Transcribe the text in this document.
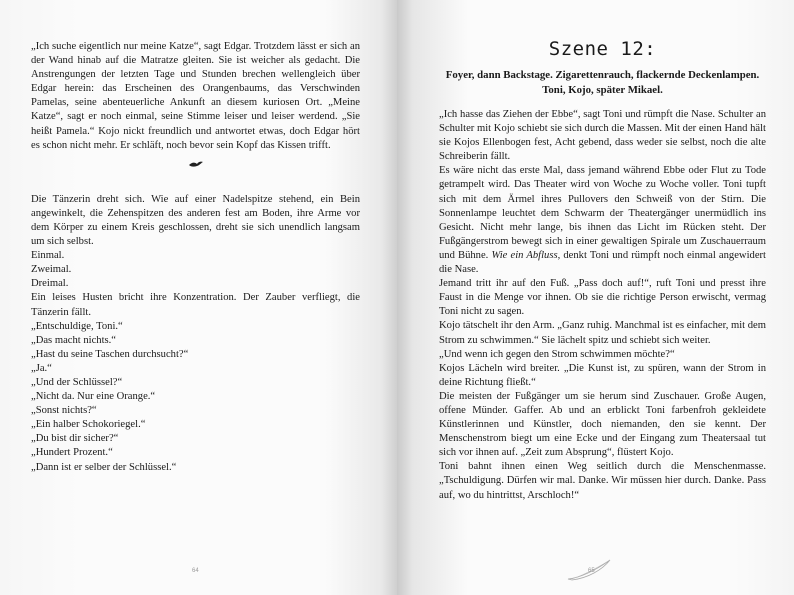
„Ich suche eigentlich nur meine Katze“, sagt Edgar. Trotzdem lässt er sich an der Wand hinab auf die Matratze gleiten. Sie ist weicher als gedacht. Die Anstrengungen der letzten Tage und Stunden brechen wellengleich über Edgar herein: das Erscheinen des Orangenbaums, das Verschwinden Pamelas, seine abenteuerliche Ankunft an diesem kuriosen Ort. „Meine Katze“, sagt er noch einmal, seine Stimme leiser und leiser werdend. „Sie heißt Pamela.“ Kojo nickt freundlich und antwortet etwas, doch Edgar hört es schon nicht mehr. Er schläft, noch bevor sein Kopf das Kissen trifft.

Die Tänzerin dreht sich. Wie auf einer Nadelspitze stehend, ein Bein angewinkelt, die Zehenspitzen des anderen fest am Boden, ihre Arme vor dem Körper zu einem Kreis geschlossen, dreht sie sich unendlich langsam um sich selbst.

Einmal.

Zweimal.

Dreimal.

Ein leises Husten bricht ihre Konzentration. Der Zauber verfliegt, die Tänzerin fällt.

„Entschuldige, Toni.“

„Das macht nichts.“

„Hast du seine Taschen durchsucht?“

„Ja.“

„Und der Schlüssel?“

„Nicht da. Nur eine Orange.“

„Sonst nichts?“

„Ein halber Schokoriegel.“

„Du bist dir sicher?“

„Hundert Prozent.“

„Dann ist er selber der Schlüssel.“

64
Szene 12:
Foyer, dann Backstage. Zigarettenrauch, flackernde Deckenlampen. Toni, Kojo, später Mikael.

„Ich hasse das Ziehen der Ebbe“, sagt Toni und rümpft die Nase. Schulter an Schulter mit Kojo schiebt sie sich durch die Massen. Mit der einen Hand hält sie Kojos Ellenbogen fest, Acht gebend, dass weder sie selbst, noch die alte Schreiberin fällt.

Es wäre nicht das erste Mal, dass jemand während Ebbe oder Flut zu Tode getrampelt wird. Das Theater wird von Woche zu Woche voller. Toni tupft sich mit dem Ärmel ihres Pullovers den Schweiß von der Stirn. Die Sonnenlampe leuchtet dem Schwarm der Theatergänger unermüdlich ins Gesicht. Nicht mehr lange, bis ihnen das Licht im Rücken steht. Der Fußgängerstrom bewegt sich in einer gewaltigen Spirale um Zuschauerraum und Bühne. Wie ein Abfluss, denkt Toni und rümpft noch einmal angewidert die Nase.

Jemand tritt ihr auf den Fuß. „Pass doch auf!“, ruft Toni und presst ihre Faust in die Menge vor ihnen. Ob sie die richtige Person erwischt, vermag Toni nicht zu sagen.

Kojo tätschelt ihr den Arm. „Ganz ruhig. Manchmal ist es einfacher, mit dem Strom zu schwimmen.“ Sie lächelt spitz und schiebt sich weiter.

„Und wenn ich gegen den Strom schwimmen möchte?“

Kojos Lächeln wird breiter. „Die Kunst ist, zu spüren, wann der Strom in deine Richtung fließt.“

Die meisten der Fußgänger um sie herum sind Zuschauer. Große Augen, offene Münder. Gaffer. Ab und an erblickt Toni farbenfroh gekleidete Künstlerinnen und Künstler, doch niemanden, den sie kennt. Der Menschenstrom biegt um eine Ecke und der Eingang zum Theatersaal tut sich vor ihnen auf. „Zeit zum Absprung“, flüstert Kojo.

Toni bahnt ihnen einen Weg seitlich durch die Menschenmasse. „Tschuldigung. Dürfen wir mal. Danke. Wir müssen hier durch. Danke. Pass auf, wo du hintrittst, Arschloch!“

65
